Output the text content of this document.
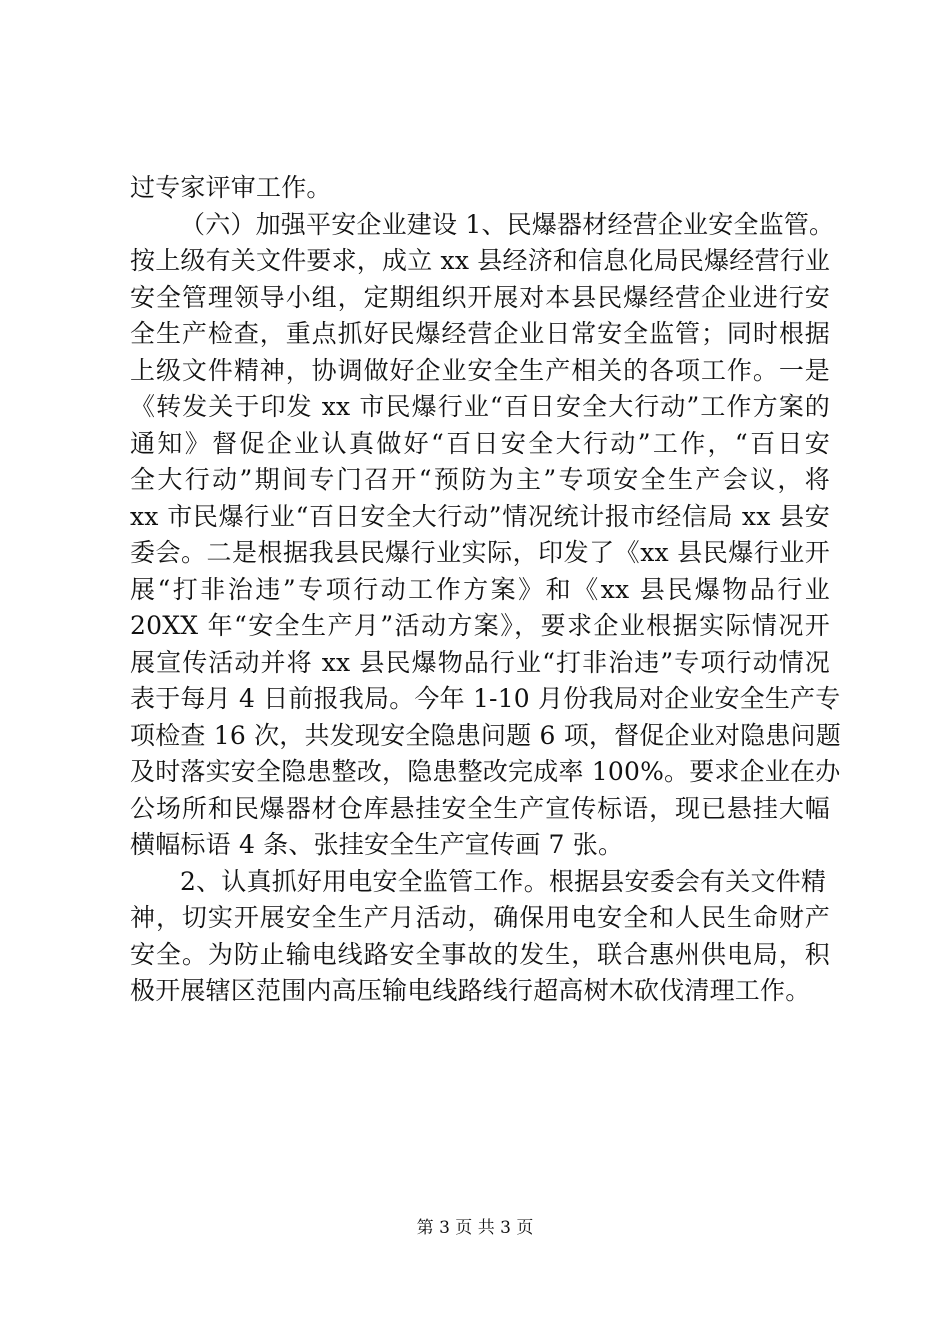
过专家评审工作。
（六）加强平安企业建设 1、民爆器材经营企业安全监管。
按上级有关文件要求，成立 xx 县经济和信息化局民爆经营行业
安全管理领导小组，定期组织开展对本县民爆经营企业进行安
全生产检查，重点抓好民爆经营企业日常安全监管；同时根据
上级文件精神，协调做好企业安全生产相关的各项工作。一是
《转发关于印发 xx 市民爆行业“百日安全大行动”工作方案的
通知》督促企业认真做好“百日安全大行动”工作，“百日安
全大行动”期间专门召开“预防为主”专项安全生产会议，将
xx 市民爆行业“百日安全大行动”情况统计报市经信局 xx 县安
委会。二是根据我县民爆行业实际，印发了《xx 县民爆行业开
展“打非治违”专项行动工作方案》和《xx 县民爆物品行业
20XX 年“安全生产月”活动方案》，要求企业根据实际情况开
展宣传活动并将 xx 县民爆物品行业“打非治违”专项行动情况
表于每月 4 日前报我局。今年 1-10 月份我局对企业安全生产专
项检查 16 次，共发现安全隐患问题 6 项，督促企业对隐患问题
及时落实安全隐患整改，隐患整改完成率 100%。要求企业在办
公场所和民爆器材仓库悬挂安全生产宣传标语，现已悬挂大幅
横幅标语 4 条、张挂安全生产宣传画 7 张。
2、认真抓好用电安全监管工作。根据县安委会有关文件精
神，切实开展安全生产月活动，确保用电安全和人民生命财产
安全。为防止输电线路安全事故的发生，联合惠州供电局，积
极开展辖区范围内高压输电线路线行超高树木砍伐清理工作。
第 3 页 共 3 页
